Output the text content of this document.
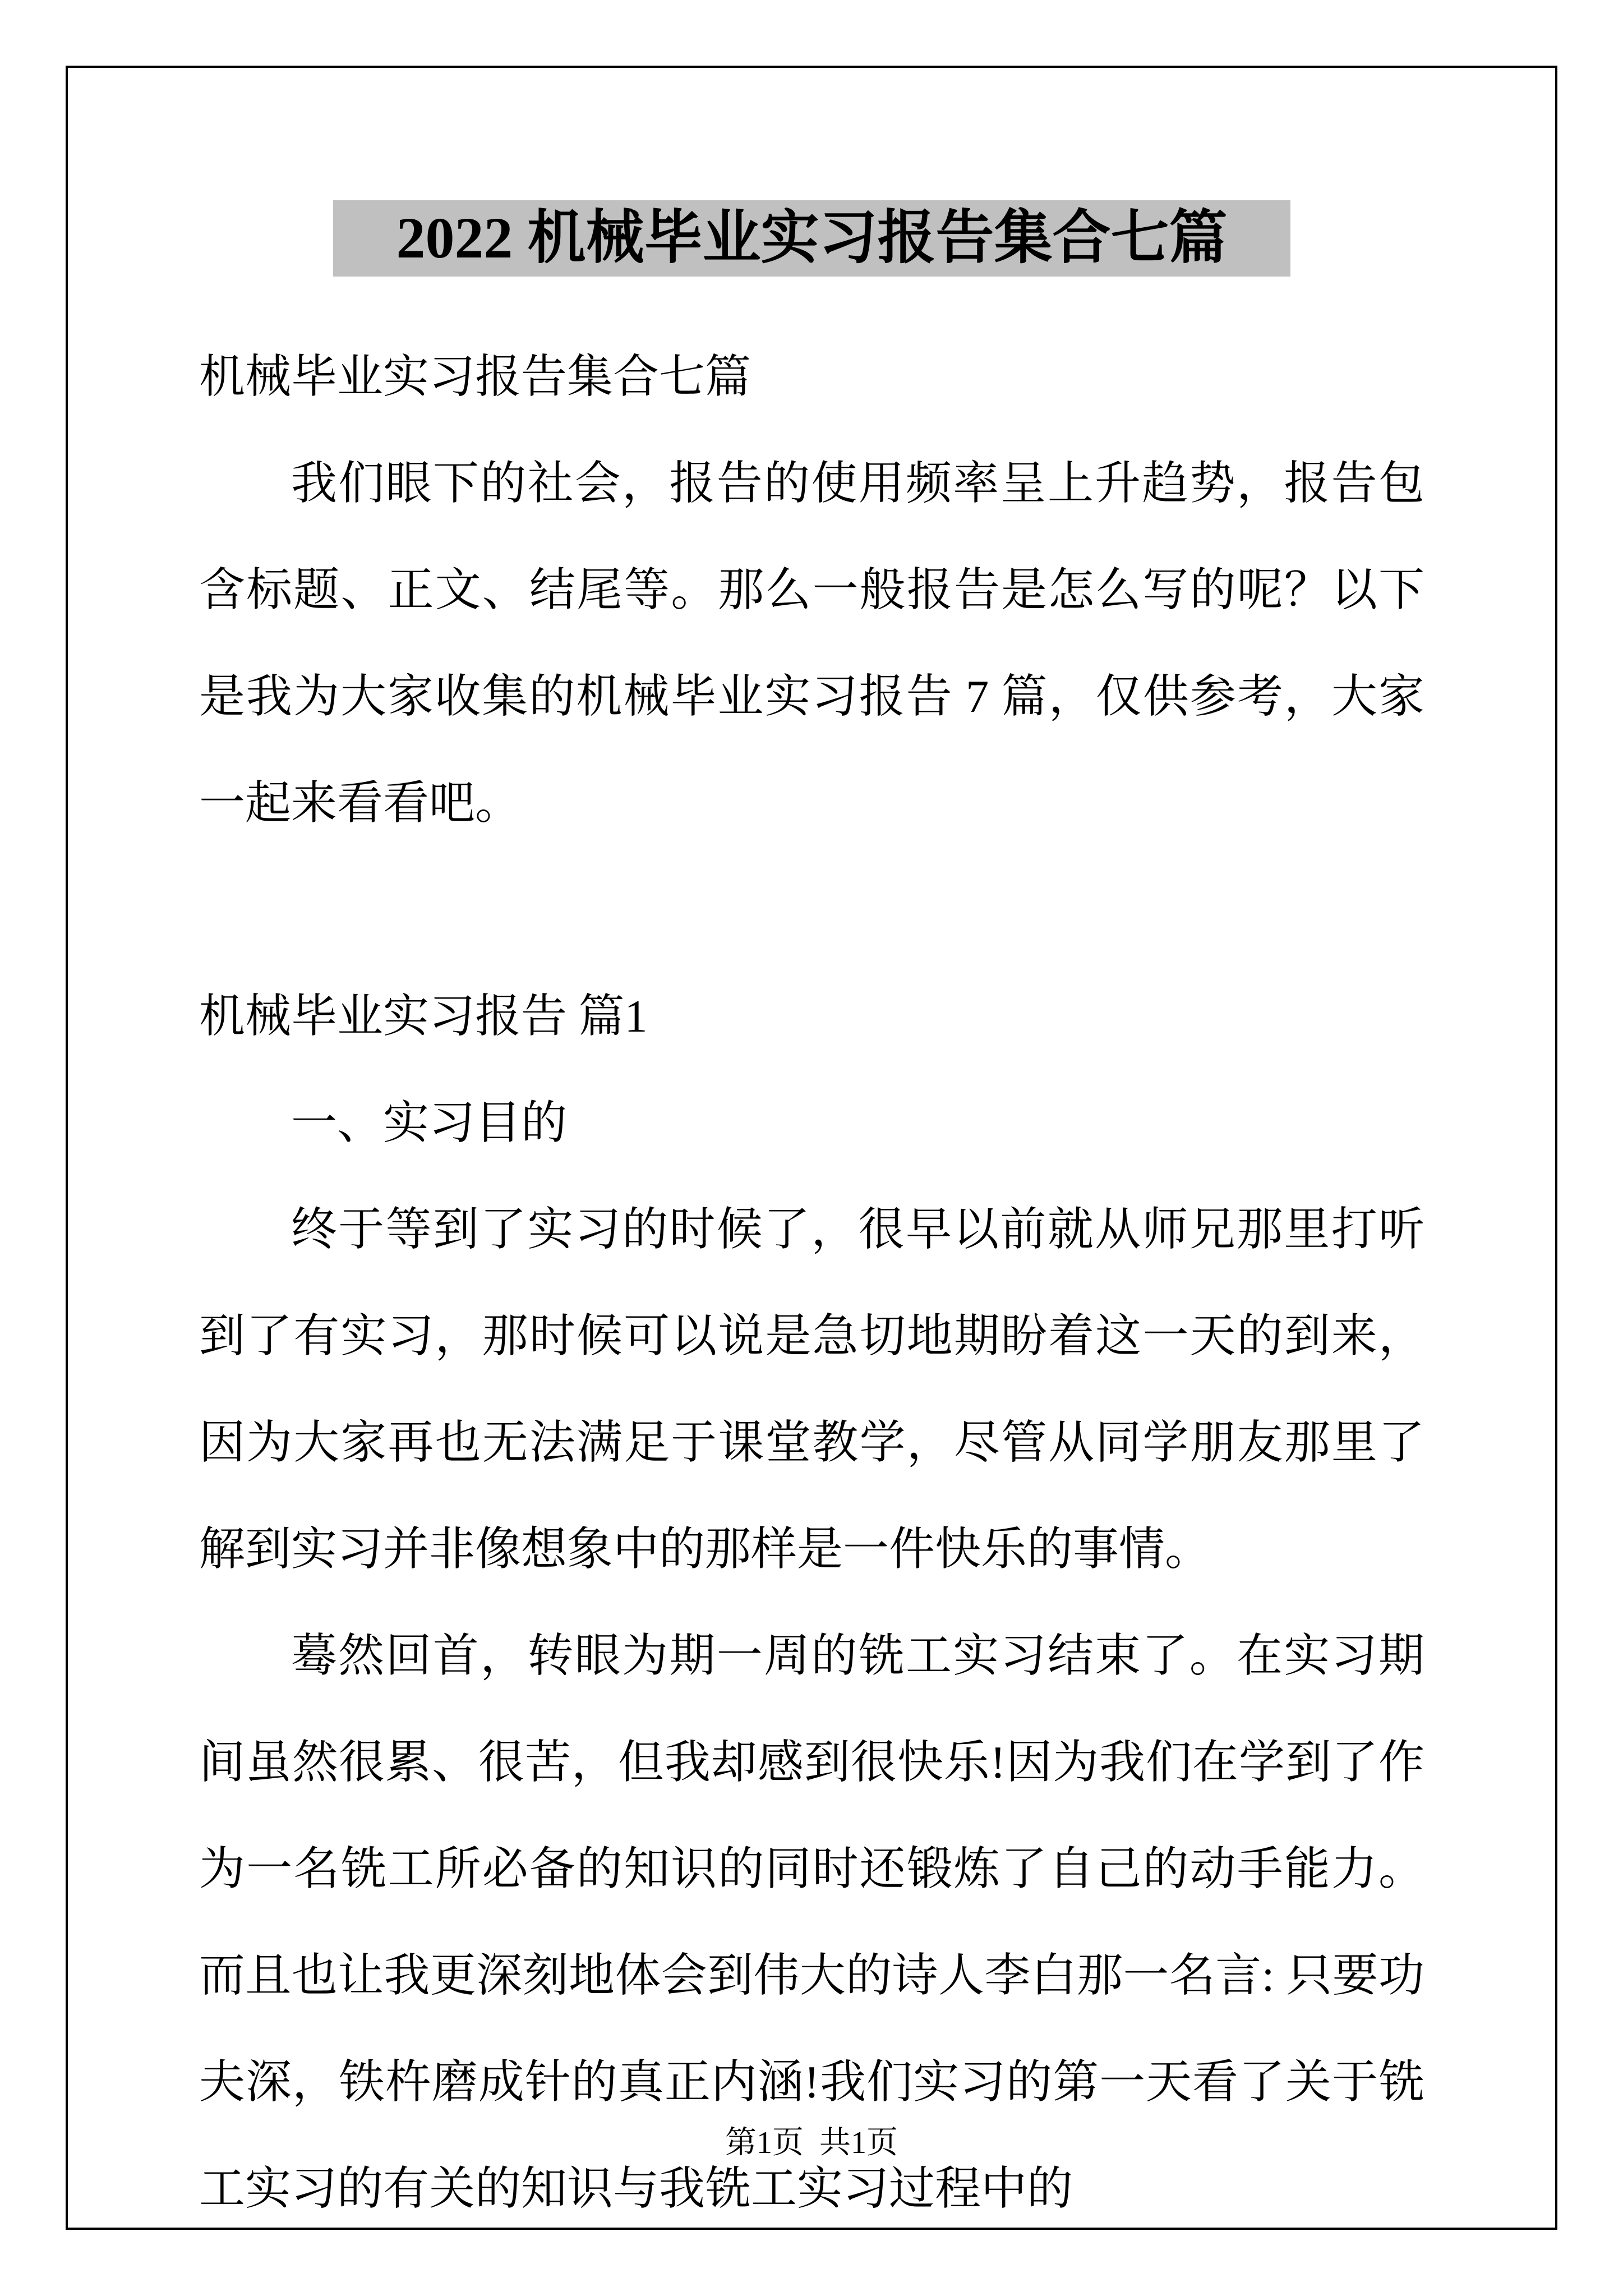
2022 机械毕业实习报告集合七篇

机械毕业实习报告集合七篇

我们眼下的社会，报告的使用频率呈上升趋势，报告包含标题、正文、结尾等。那么一般报告是怎么写的呢？以下是我为大家收集的机械毕业实习报告 7 篇，仅供参考，大家一起来看看吧。

机械毕业实习报告 篇1

一、实习目的

终于等到了实习的时候了，很早以前就从师兄那里打听到了有实习，那时候可以说是急切地期盼着这一天的到来，因为大家再也无法满足于课堂教学，尽管从同学朋友那里了解到实习并非像想象中的那样是一件快乐的事情。

蓦然回首，转眼为期一周的铣工实习结束了。在实习期间虽然很累、很苦，但我却感到很快乐!因为我们在学到了作为一名铣工所必备的知识的同时还锻炼了自己的动手能力。而且也让我更深刻地体会到伟大的诗人李白那一名言: 只要功夫深，铁杵磨成针的真正内涵!我们实习的第一天看了关于铣工实习的有关的知识与我铣工实习过程中的

第1页  共1页
